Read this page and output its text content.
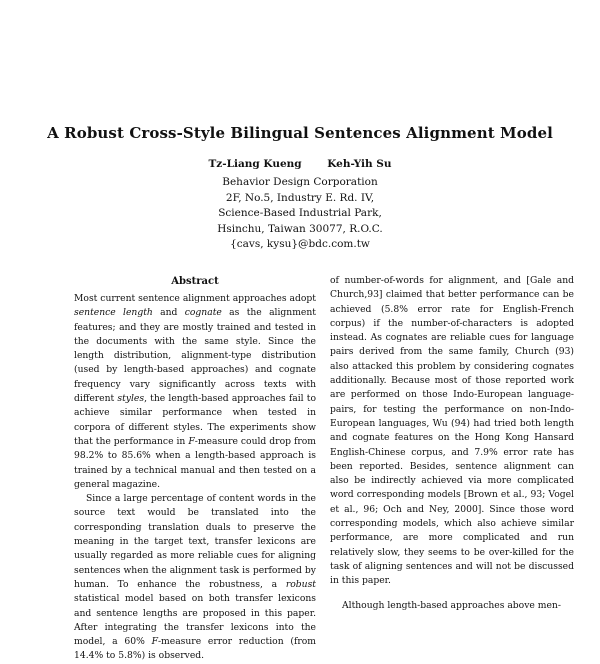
A Robust Cross-Style Bilingual Sentences Alignment Model
Tz-Liang Kueng Keh-Yih Su
Behavior Design Corporation
2F, No.5, Industry E. Rd. IV,
Science-Based Industrial Park,
Hsinchu, Taiwan 30077, R.O.C.
{cavs, kysu}@bdc.com.tw
Abstract

Most current sentence alignment approaches adopt sentence length and cognate as the alignment features; and they are mostly trained and tested in the documents with the same style. Since the length distribution, alignment-type distribution (used by length-based approaches) and cognate frequency vary significantly across texts with different styles, the length-based approaches fail to achieve similar performance when tested in corpora of different styles. The experiments show that the performance in F-measure could drop from 98.2% to 85.6% when a length-based approach is trained by a technical manual and then tested on a general magazine.

Since a large percentage of content words in the source text would be translated into the corresponding translation duals to preserve the meaning in the target text, transfer lexicons are usually regarded as more reliable cues for aligning sentences when the alignment task is performed by human. To enhance the robustness, a robust statistical model based on both transfer lexicons and sentence lengths are proposed in this paper. After integrating the transfer lexicons into the model, a 60% F-measure error reduction (from 14.4% to 5.8%) is observed.

of number-of-words for alignment, and [Gale and Church,93] claimed that better performance can be achieved (5.8% error rate for English-French corpus) if the number-of-characters is adopted instead. As cognates are reliable cues for language pairs derived from the same family, Church (93) also attacked this problem by considering cognates additionally. Because most of those reported work are performed on those Indo-European language-pairs, for testing the performance on non-Indo-European languages, Wu (94) had tried both length and cognate features on the Hong Kong Hansard English-Chinese corpus, and 7.9% error rate has been reported. Besides, sentence alignment can also be indirectly achieved via more complicated word corresponding models [Brown et al., 93; Vogel et al., 96; Och and Ney, 2000]. Since those word corresponding models, which also achieve similar performance, are more complicated and run relatively slow, they seems to be over-killed for the task of aligning sentences and will not be discussed in this paper.

Although length-based approaches above men-
